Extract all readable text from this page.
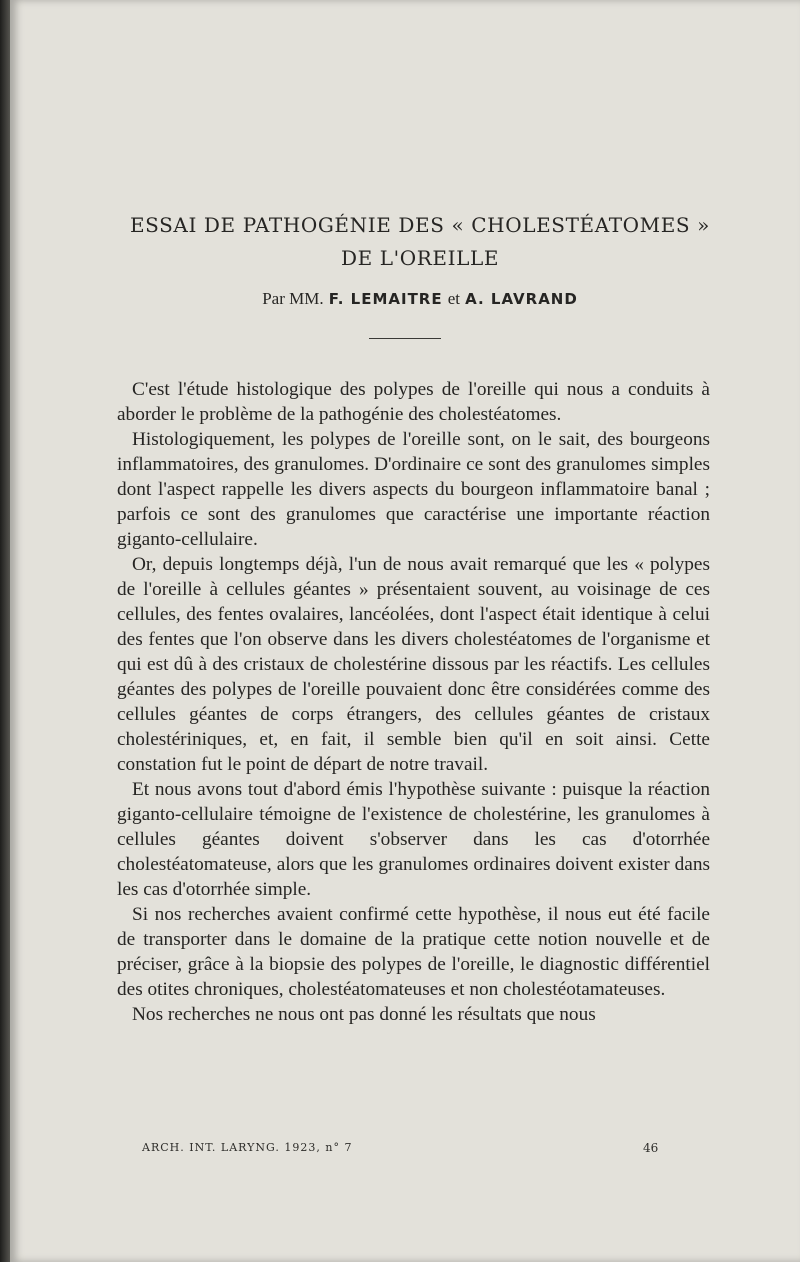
ESSAI DE PATHOGÉNIE DES « CHOLESTÉATOMES »
DE L'OREILLE
Par MM. F. LEMAITRE et A. LAVRAND

C'est l'étude histologique des polypes de l'oreille qui nous a conduits à aborder le problème de la pathogénie des cholestéatomes.

Histologiquement, les polypes de l'oreille sont, on le sait, des bourgeons inflammatoires, des granulomes. D'ordinaire ce sont des granulomes simples dont l'aspect rappelle les divers aspects du bourgeon inflammatoire banal ; parfois ce sont des granulomes que caractérise une importante réaction giganto-cellulaire.

Or, depuis longtemps déjà, l'un de nous avait remarqué que les « polypes de l'oreille à cellules géantes » présentaient souvent, au voisinage de ces cellules, des fentes ovalaires, lancéolées, dont l'aspect était identique à celui des fentes que l'on observe dans les divers cholestéatomes de l'organisme et qui est dû à des cristaux de cholestérine dissous par les réactifs. Les cellules géantes des polypes de l'oreille pouvaient donc être considérées comme des cellules géantes de corps étrangers, des cellules géantes de cristaux cholestériniques, et, en fait, il semble bien qu'il en soit ainsi. Cette constation fut le point de départ de notre travail.

Et nous avons tout d'abord émis l'hypothèse suivante : puisque la réaction giganto-cellulaire témoigne de l'existence de cholestérine, les granulomes à cellules géantes doivent s'observer dans les cas d'otorrhée cholestéatomateuse, alors que les granulomes ordinaires doivent exister dans les cas d'otorrhée simple.

Si nos recherches avaient confirmé cette hypothèse, il nous eut été facile de transporter dans le domaine de la pratique cette notion nouvelle et de préciser, grâce à la biopsie des polypes de l'oreille, le diagnostic différentiel des otites chroniques, cholestéatomateuses et non cholestéotamateuses.

Nos recherches ne nous ont pas donné les résultats que nous

ARCH. INT. LARYNG. 1923, n° 7	46
